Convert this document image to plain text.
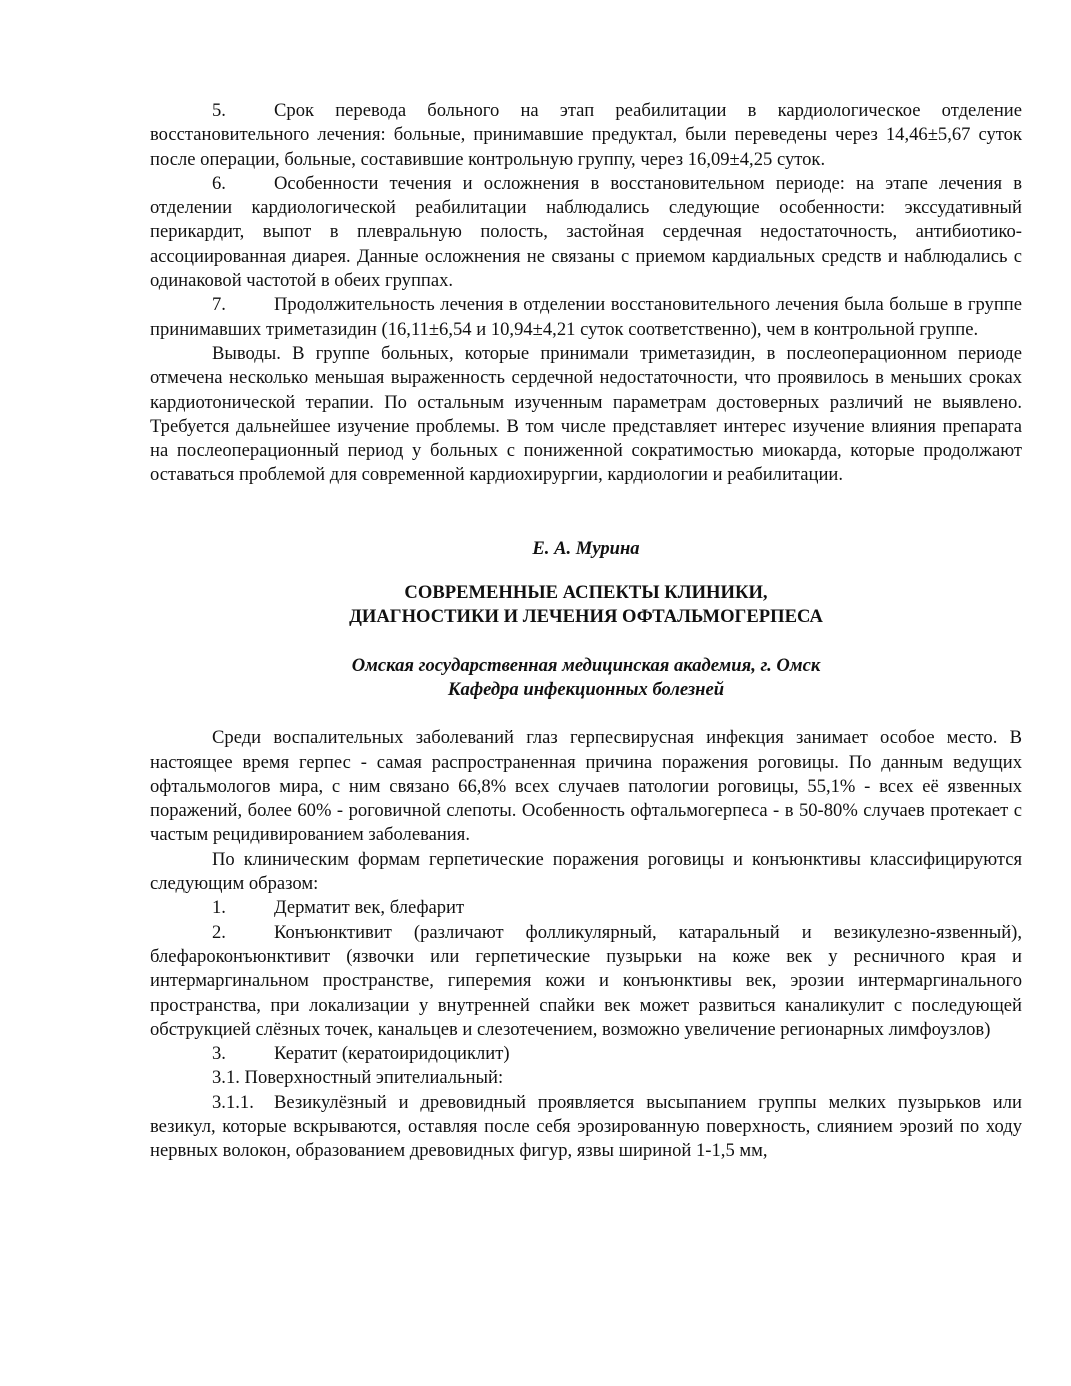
5.	Срок перевода больного на этап реабилитации в кардиологическое отделение восстановительного лечения: больные, принимавшие предуктал, были переведены через 14,46±5,67 суток после операции, больные, составившие контрольную группу, через 16,09±4,25 суток.

6.	Особенности течения и осложнения в восстановительном периоде: на этапе лечения в отделении кардиологической реабилитации наблюдались следующие особенности: экссудативный перикардит, выпот в плевральную полость, застойная сердечная недостаточность, антибиотико-ассоциированная диарея. Данные осложнения не связаны с приемом кардиальных средств и наблюдались с одинаковой частотой в обеих группах.

7.	Продолжительность лечения в отделении восстановительного лечения была больше в группе принимавших триметазидин (16,11±6,54 и 10,94±4,21 суток соответственно), чем в контрольной группе.

Выводы. В группе больных, которые принимали триметазидин, в послеоперационном периоде отмечена несколько меньшая выраженность сердечной недостаточности, что проявилось в меньших сроках кардиотонической терапии. По остальным изученным параметрам достоверных различий не выявлено. Требуется дальнейшее изучение проблемы. В том числе представляет интерес изучение влияния препарата на послеоперационный период у больных с пониженной сократимостью миокарда, которые продолжают оставаться проблемой для современной кардиохирургии, кардиологии и реабилитации.

Е. А. Мурина
СОВРЕМЕННЫЕ АСПЕКТЫ КЛИНИКИ,
ДИАГНОСТИКИ И ЛЕЧЕНИЯ ОФТАЛЬМОГЕРПЕСА
Омская государственная медицинская академия, г. Омск
Кафедра инфекционных болезней

Среди воспалительных заболеваний глаз герпесвирусная инфекция занимает особое место. В настоящее время герпес - самая распространенная причина поражения роговицы. По данным ведущих офтальмологов мира, с ним связано 66,8% всех случаев патологии роговицы, 55,1% - всех её язвенных поражений, более 60% - роговичной слепоты. Особенность офтальмогерпеса - в 50-80% случаев протекает с частым рецидивированием заболевания.

По клиническим формам герпетические поражения роговицы и конъюнктивы классифицируются следующим образом:

1.	Дерматит век, блефарит

2.	Конъюнктивит (различают фолликулярный, катаральный и везикулезно-язвенный), блефароконъюнктивит (язвочки или герпетические пузырьки на коже век у ресничного края и интермаргинальном пространстве, гиперемия кожи и конъюнктивы век, эрозии интермаргинального пространства, при локализации у внутренней спайки век может развиться каналикулит с последующей обструкцией слёзных точек, канальцев и слезотечением, возможно увеличение регионарных лимфоузлов)

3.	Кератит (кератоиридоциклит)

3.1. Поверхностный эпителиальный:

3.1.1. Везикулёзный и древовидный проявляется высыпанием группы мелких пузырьков или везикул, которые вскрываются, оставляя после себя эрозированную поверхность, слиянием эрозий по ходу нервных волокон, образованием древовидных фигур, язвы шириной 1-1,5 мм,
